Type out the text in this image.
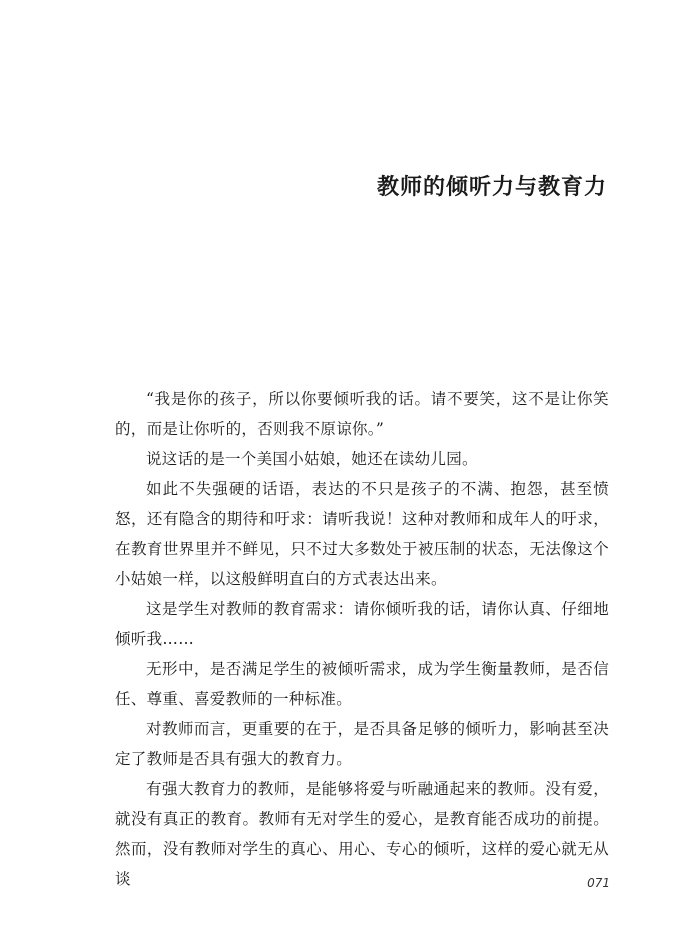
教师的倾听力与教育力

“我是你的孩子，所以你要倾听我的话。请不要笑，这不是让你笑的，而是让你听的，否则我不原谅你。”

说这话的是一个美国小姑娘，她还在读幼儿园。

如此不失强硬的话语，表达的不只是孩子的不满、抱怨，甚至愤怒，还有隐含的期待和吁求：请听我说！这种对教师和成年人的吁求，在教育世界里并不鲜见，只不过大多数处于被压制的状态，无法像这个小姑娘一样，以这般鲜明直白的方式表达出来。

这是学生对教师的教育需求：请你倾听我的话，请你认真、仔细地倾听我……

无形中，是否满足学生的被倾听需求，成为学生衡量教师，是否信任、尊重、喜爱教师的一种标准。

对教师而言，更重要的在于，是否具备足够的倾听力，影响甚至决定了教师是否具有强大的教育力。

有强大教育力的教师，是能够将爱与听融通起来的教师。没有爱，就没有真正的教育。教师有无对学生的爱心，是教育能否成功的前提。然而，没有教师对学生的真心、用心、专心的倾听，这样的爱心就无从谈	071
